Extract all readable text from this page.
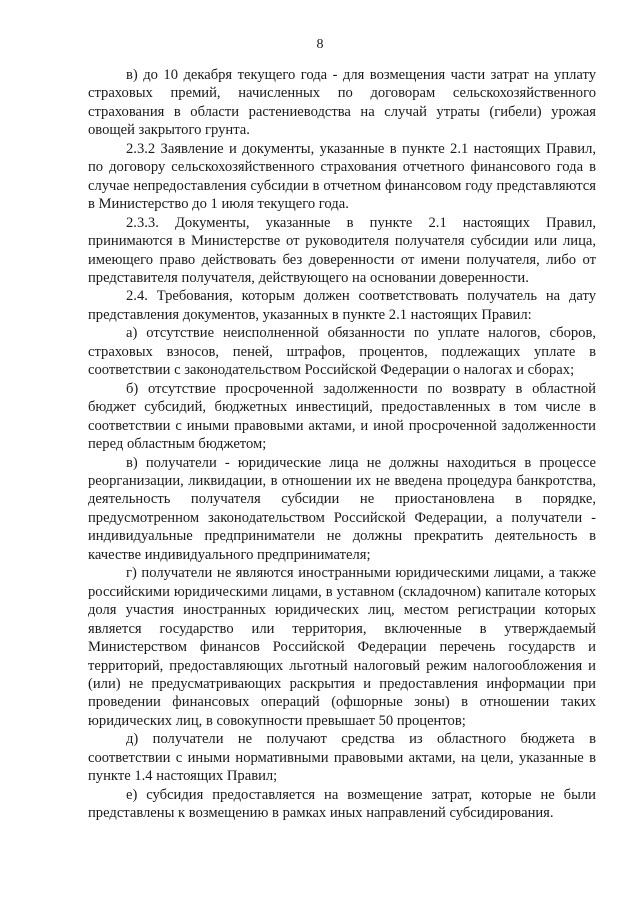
8

в) до 10 декабря текущего года - для возмещения части затрат на уплату страховых премий, начисленных по договорам сельскохозяйственного страхования в области растениеводства на случай утраты (гибели) урожая овощей закрытого грунта.

2.3.2 Заявление и документы, указанные в пункте 2.1 настоящих Правил, по договору сельскохозяйственного страхования отчетного финансового года в случае непредоставления субсидии в отчетном финансовом году представляются в Министерство до 1 июля текущего года.

2.3.3. Документы, указанные в пункте 2.1 настоящих Правил, принимаются в Министерстве от руководителя получателя субсидии или лица, имеющего право действовать без доверенности от имени получателя, либо от представителя получателя, действующего на основании доверенности.

2.4. Требования, которым должен соответствовать получатель на дату представления документов, указанных в пункте 2.1 настоящих Правил:

а) отсутствие неисполненной обязанности по уплате налогов, сборов, страховых взносов, пеней, штрафов, процентов, подлежащих уплате в соответствии с законодательством Российской Федерации о налогах и сборах;

б) отсутствие просроченной задолженности по возврату в областной бюджет субсидий, бюджетных инвестиций, предоставленных в том числе в соответствии с иными правовыми актами, и иной просроченной задолженности перед областным бюджетом;

в) получатели - юридические лица не должны находиться в процессе реорганизации, ликвидации, в отношении их не введена процедура банкротства, деятельность получателя субсидии не приостановлена в порядке, предусмотренном законодательством Российской Федерации, а получатели - индивидуальные предприниматели не должны прекратить деятельность в качестве индивидуального предпринимателя;

г) получатели не являются иностранными юридическими лицами, а также российскими юридическими лицами, в уставном (складочном) капитале которых доля участия иностранных юридических лиц, местом регистрации которых является государство или территория, включенные в утверждаемый Министерством финансов Российской Федерации перечень государств и территорий, предоставляющих льготный налоговый режим налогообложения и (или) не предусматривающих раскрытия и предоставления информации при проведении финансовых операций (офшорные зоны) в отношении таких юридических лиц, в совокупности превышает 50 процентов;

д) получатели не получают средства из областного бюджета в соответствии с иными нормативными правовыми актами, на цели, указанные в пункте 1.4 настоящих Правил;

е) субсидия предоставляется на возмещение затрат, которые не были представлены к возмещению в рамках иных направлений субсидирования.
